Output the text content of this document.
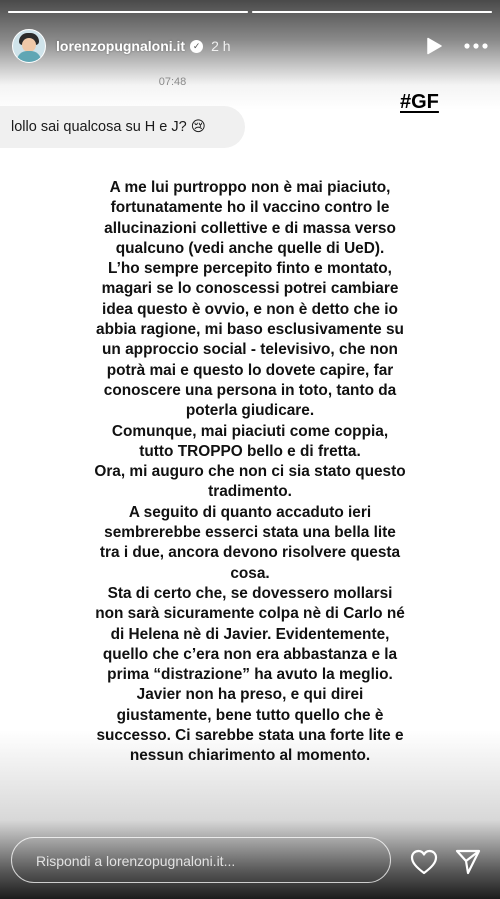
lorenzopugnaloni.it ✓ 2 h
07:48
lollo sai qualcosa su H e J? 😢
#GF

A me lui purtroppo non è mai piaciuto,

fortunatamente ho il vaccino contro le

allucinazioni collettive e di massa verso

qualcuno (vedi anche quelle di UeD).

L’ho sempre percepito finto e montato,

magari se lo conoscessi potrei cambiare

idea questo è ovvio, e non è detto che io

abbia ragione, mi baso esclusivamente su

un approccio social - televisivo, che non

potrà mai e questo lo dovete capire, far

conoscere una persona in toto, tanto da

poterla giudicare.

Comunque, mai piaciuti come coppia,

tutto TROPPO bello e di fretta.

Ora, mi auguro che non ci sia stato questo

tradimento.

A seguito di quanto accaduto ieri

sembrerebbe esserci stata una bella lite

tra i due, ancora devono risolvere questa

cosa.

Sta di certo che, se dovessero mollarsi

non sarà sicuramente colpa nè di Carlo né

di Helena nè di Javier. Evidentemente,

quello che c’era non era abbastanza e la

prima “distrazione” ha avuto la meglio.

Javier non ha preso, e qui direi

giustamente, bene tutto quello che è

successo. Ci sarebbe stata una forte lite e

nessun chiarimento al momento.

Rispondi a lorenzopugnaloni.it...
